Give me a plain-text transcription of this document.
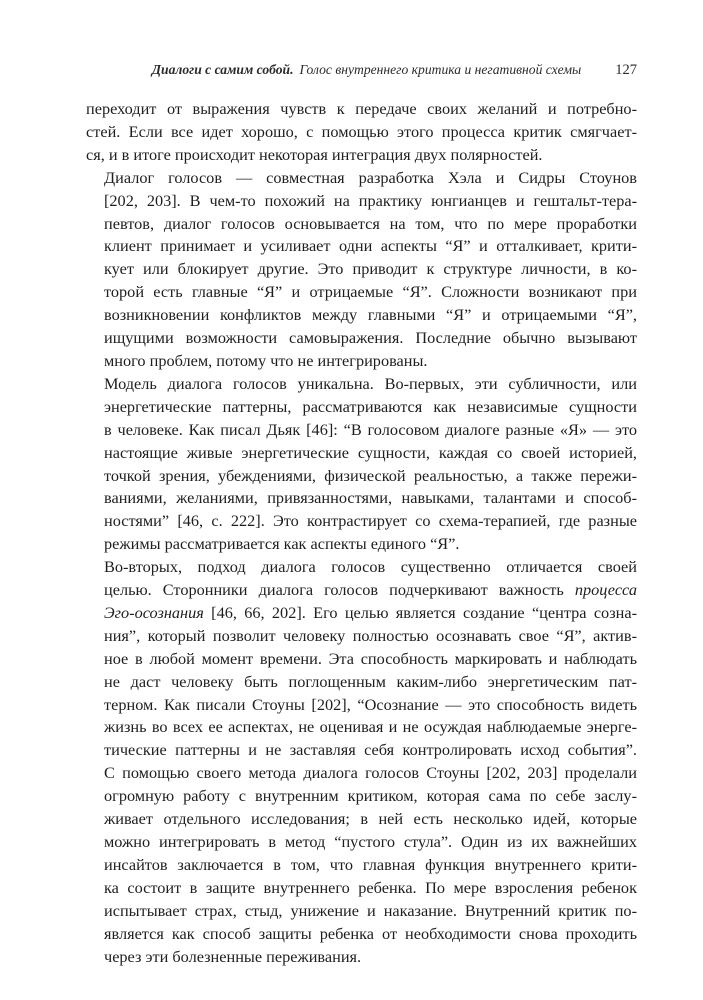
Диалоги с самим собой. Голос внутреннего критика и негативной схемы 127
переходит от выражения чувств к передаче своих желаний и потребно-
стей. Если все идет хорошо, с помощью этого процесса критик смягчает-
ся, и в итоге происходит некоторая интеграция двух полярностей.
Диалог голосов — совместная разработка Хэла и Сидры Стоунов
[202, 203]. В чем-то похожий на практику юнгианцев и гештальт-тера-
певтов, диалог голосов основывается на том, что по мере проработки
клиент принимает и усиливает одни аспекты “Я” и отталкивает, крити-
кует или блокирует другие. Это приводит к структуре личности, в ко-
торой есть главные “Я” и отрицаемые “Я”. Сложности возникают при
возникновении конфликтов между главными “Я” и отрицаемыми “Я”,
ищущими возможности самовыражения. Последние обычно вызывают
много проблем, потому что не интегрированы.
Модель диалога голосов уникальна. Во-первых, эти субличности, или
энергетические паттерны, рассматриваются как независимые сущности
в человеке. Как писал Дьяк [46]: “В голосовом диалоге разные «Я» — это
настоящие живые энергетические сущности, каждая со своей историей,
точкой зрения, убеждениями, физической реальностью, а также пережи-
ваниями, желаниями, привязанностями, навыками, талантами и способ-
ностями” [46, с. 222]. Это контрастирует со схема-терапией, где разные
режимы рассматривается как аспекты единого “Я”.
Во-вторых, подход диалога голосов существенно отличается своей
целью. Сторонники диалога голосов подчеркивают важность процесса
Эго-осознания [46, 66, 202]. Его целью является создание “центра созна-
ния”, который позволит человеку полностью осознавать свое “Я”, актив-
ное в любой момент времени. Эта способность маркировать и наблюдать
не даст человеку быть поглощенным каким-либо энергетическим пат-
терном. Как писали Стоуны [202], “Осознание — это способность видеть
жизнь во всех ее аспектах, не оценивая и не осуждая наблюдаемые энерге-
тические паттерны и не заставляя себя контролировать исход события”.
С помощью своего метода диалога голосов Стоуны [202, 203] проделали
огромную работу с внутренним критиком, которая сама по себе заслу-
живает отдельного исследования; в ней есть несколько идей, которые
можно интегрировать в метод “пустого стула”. Один из их важнейших
инсайтов заключается в том, что главная функция внутреннего крити-
ка состоит в защите внутреннего ребенка. По мере взросления ребенок
испытывает страх, стыд, унижение и наказание. Внутренний критик по-
является как способ защиты ребенка от необходимости снова проходить
через эти болезненные переживания.
